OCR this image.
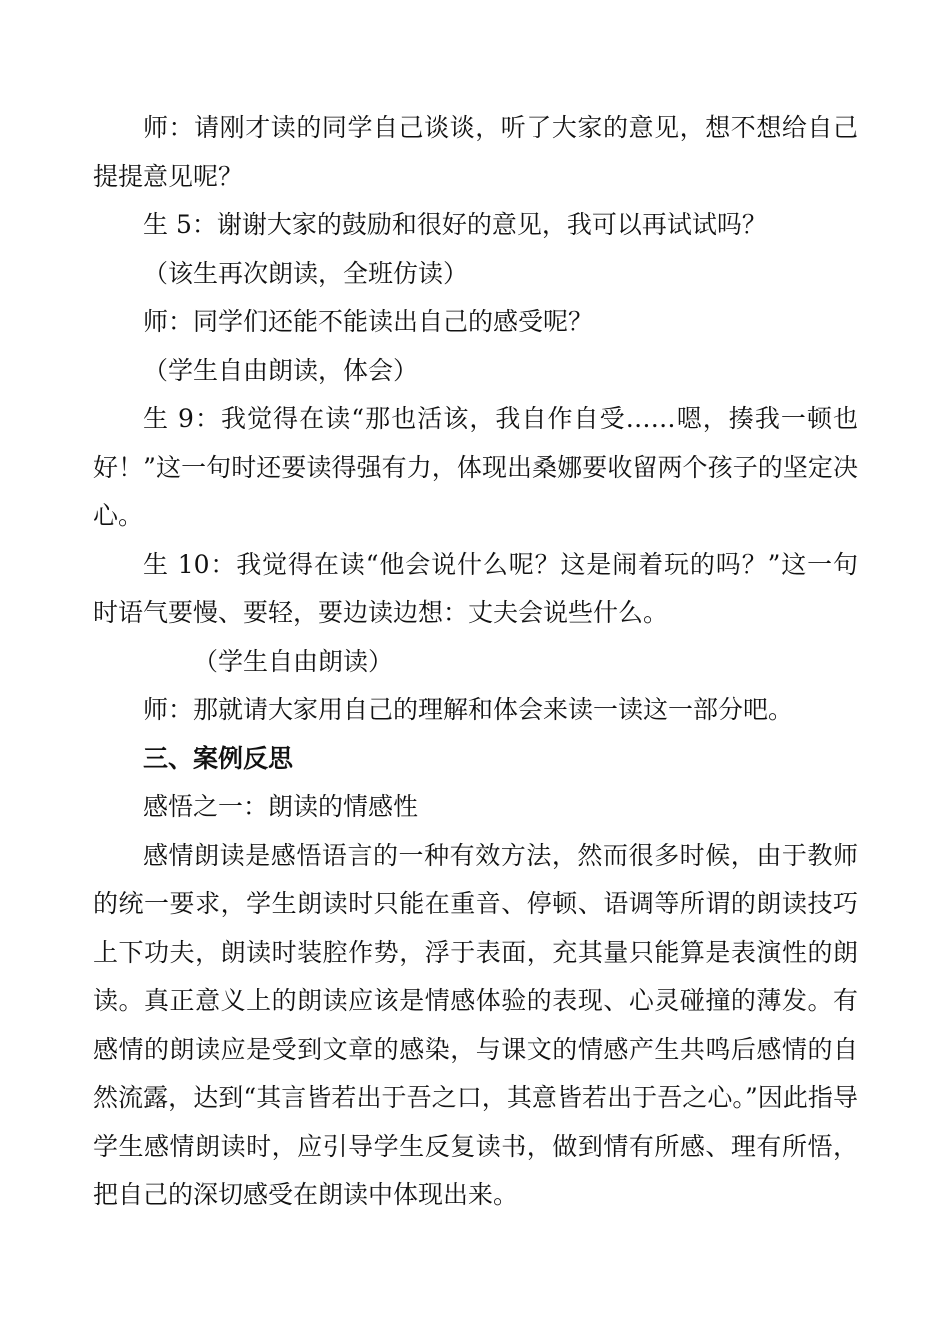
师：请刚才读的同学自己谈谈，听了大家的意见，想不想给自己提提意见呢？

生 5：谢谢大家的鼓励和很好的意见，我可以再试试吗？

（该生再次朗读，全班仿读）

师：同学们还能不能读出自己的感受呢？

（学生自由朗读，体会）

生 9：我觉得在读“那也活该，我自作自受……嗯，揍我一顿也好！”这一句时还要读得强有力，体现出桑娜要收留两个孩子的坚定决心。

生 10：我觉得在读“他会说什么呢？这是闹着玩的吗？”这一句时语气要慢、要轻，要边读边想：丈夫会说些什么。

（学生自由朗读）

师：那就请大家用自己的理解和体会来读一读这一部分吧。

三、案例反思

感悟之一：朗读的情感性

感情朗读是感悟语言的一种有效方法，然而很多时候，由于教师的统一要求，学生朗读时只能在重音、停顿、语调等所谓的朗读技巧上下功夫，朗读时装腔作势，浮于表面，充其量只能算是表演性的朗读。真正意义上的朗读应该是情感体验的表现、心灵碰撞的薄发。有感情的朗读应是受到文章的感染，与课文的情感产生共鸣后感情的自然流露，达到“其言皆若出于吾之口，其意皆若出于吾之心。”因此指导学生感情朗读时，应引导学生反复读书，做到情有所感、理有所悟，把自己的深切感受在朗读中体现出来。
